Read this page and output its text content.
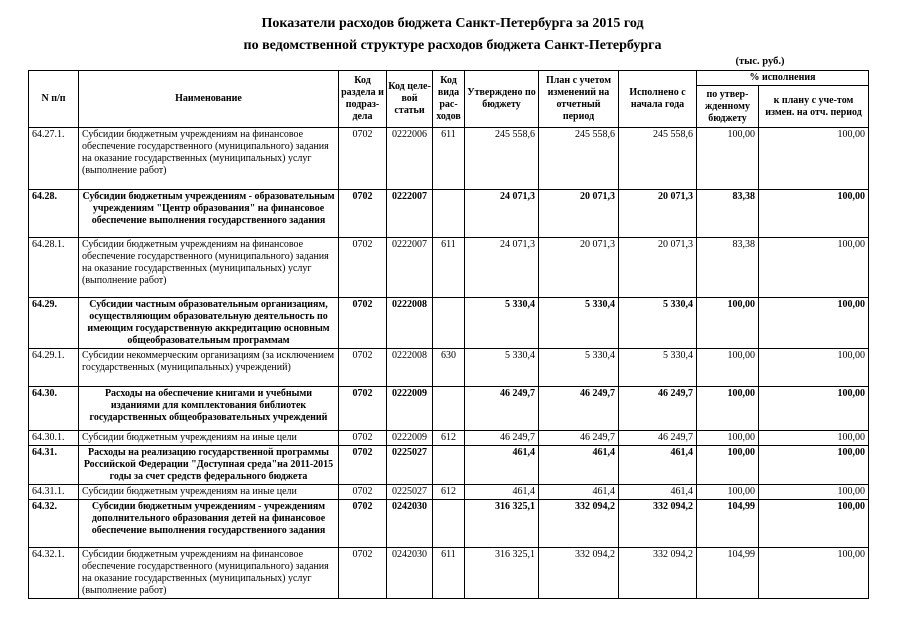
Показатели расходов бюджета Санкт-Петербурга за 2015 год
по ведомственной структуре расходов бюджета Санкт-Петербурга
(тыс. руб.)
N п/п	Наименование	Код раздела и подраз-дела	Код целе-вой статьи	Код вида рас-ходов	Утверждено по бюджету	План с учетом изменений на отчетный период	Исполнено с начала года	% исполнения	
								по утвер-жденному бюджету	к плану с уче-том измен. на отч. период
64.27.1.	Субсидии бюджетным учреждениям на финансовое обеспечение государственного (муниципального) задания на оказание государственных (муниципальных) услуг (выполнение работ)	0702	0222006	611	245 558,6	245 558,6	245 558,6	100,00	100,00
64.28.	Субсидии бюджетным учреждениям - образовательным учреждениям "Центр образования" на финансовое обеспечение выполнения государственного задания	0702	0222007		24 071,3	20 071,3	20 071,3	83,38	100,00
64.28.1.	Субсидии бюджетным учреждениям на финансовое обеспечение государственного (муниципального) задания на оказание государственных (муниципальных) услуг (выполнение работ)	0702	0222007	611	24 071,3	20 071,3	20 071,3	83,38	100,00
64.29.	Субсидии частным образовательным организациям, осуществляющим образовательную деятельность по имеющим государственную аккредитацию основным общеобразовательным программам	0702	0222008		5 330,4	5 330,4	5 330,4	100,00	100,00
64.29.1.	Субсидии некоммерческим организациям (за исключением государственных (муниципальных) учреждений)	0702	0222008	630	5 330,4	5 330,4	5 330,4	100,00	100,00
64.30.	Расходы на обеспечение книгами и учебными изданиями для комплектования библиотек государственных общеобразовательных учреждений	0702	0222009		46 249,7	46 249,7	46 249,7	100,00	100,00
64.30.1.	Субсидии бюджетным учреждениям на иные цели	0702	0222009	612	46 249,7	46 249,7	46 249,7	100,00	100,00
64.31.	Расходы на реализацию государственной программы Российской Федерации "Доступная среда"на 2011-2015 годы за счет средств федерального бюджета	0702	0225027		461,4	461,4	461,4	100,00	100,00
64.31.1.	Субсидии бюджетным учреждениям на иные цели	0702	0225027	612	461,4	461,4	461,4	100,00	100,00
64.32.	Субсидии бюджетным учреждениям - учреждениям дополнительного образования детей на финансовое обеспечение выполнения государственного задания	0702	0242030		316 325,1	332 094,2	332 094,2	104,99	100,00
64.32.1.	Субсидии бюджетным учреждениям на финансовое обеспечение государственного (муниципального) задания на оказание государственных (муниципальных) услуг (выполнение работ)	0702	0242030	611	316 325,1	332 094,2	332 094,2	104,99	100,00
